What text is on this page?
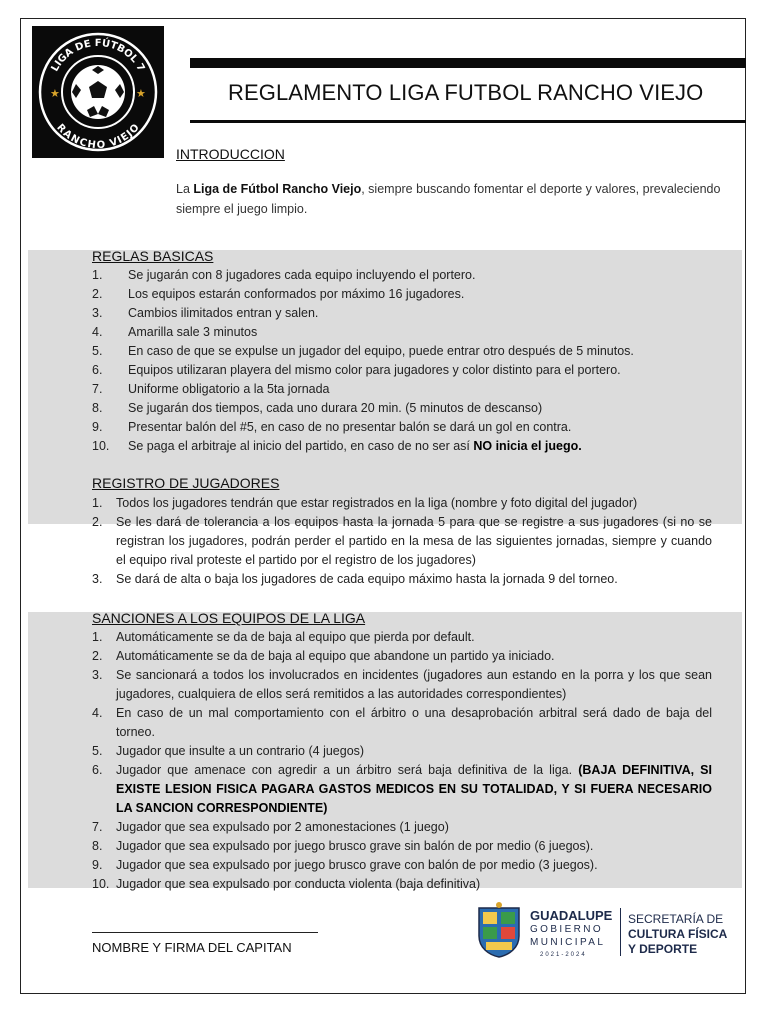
LIGA DE FÚTBOL 7
RANCHO VIEJO
★	★	REGLAMENTO LIGA FUTBOL RANCHO VIEJO
INTRODUCCION
La Liga de Fútbol Rancho Viejo, siempre buscando fomentar el deporte y valores, prevaleciendo siempre el juego limpio.
REGLAS BASICAS
1. Se jugarán con 8 jugadores cada equipo incluyendo el portero.
2. Los equipos estarán conformados por máximo 16 jugadores.
3. Cambios ilimitados entran y salen.
4. Amarilla sale 3 minutos
5. En caso de que se expulse un jugador del equipo, puede entrar otro después de 5 minutos.
6. Equipos utilizaran playera del mismo color para jugadores y color distinto para el portero.
7. Uniforme obligatorio a la 5ta jornada
8. Se jugarán dos tiempos, cada uno durara 20 min. (5 minutos de descanso)
9. Presentar balón del #5, en caso de no presentar balón se dará un gol en contra.
10. Se paga el arbitraje al inicio del partido, en caso de no ser así NO inicia el juego.
REGISTRO DE JUGADORES
1. Todos los jugadores tendrán que estar registrados en la liga (nombre y foto digital del jugador)
2. Se les dará de tolerancia a los equipos hasta la jornada 5 para que se registre a sus jugadores (si no se registran los jugadores, podrán perder el partido en la mesa de las siguientes jornadas, siempre y cuando el equipo rival proteste el partido por el registro de los jugadores)
3. Se dará de alta o baja los jugadores de cada equipo máximo hasta la jornada 9 del torneo.
SANCIONES A LOS EQUIPOS DE LA LIGA
1. Automáticamente se da de baja al equipo que pierda por default.
2. Automáticamente se da de baja al equipo que abandone un partido ya iniciado.
3. Se sancionará a todos los involucrados en incidentes (jugadores aun estando en la porra y los que sean jugadores, cualquiera de ellos será remitidos a las autoridades correspondientes)
4. En caso de un mal comportamiento con el árbitro o una desaprobación arbitral será dado de baja del torneo.
5. Jugador que insulte a un contrario (4 juegos)
6. Jugador que amenace con agredir a un árbitro será baja definitiva de la liga. (BAJA DEFINITIVA, SI EXISTE LESION FISICA PAGARA GASTOS MEDICOS EN SU TOTALIDAD, Y SI FUERA NECESARIO LA SANCION CORRESPONDIENTE)
7. Jugador que sea expulsado por 2 amonestaciones (1 juego)
8. Jugador que sea expulsado por juego brusco grave sin balón de por medio (6 juegos).
9. Jugador que sea expulsado por juego brusco grave con balón de por medio (3 juegos).
10. Jugador que sea expulsado por conducta violenta (baja definitiva)
NOMBRE Y FIRMA DEL CAPITAN
GUADALUPE
GOBIERNO
MUNICIPAL
2021-2024
SECRETARÍA DE
CULTURA FÍSICA
Y DEPORTE
